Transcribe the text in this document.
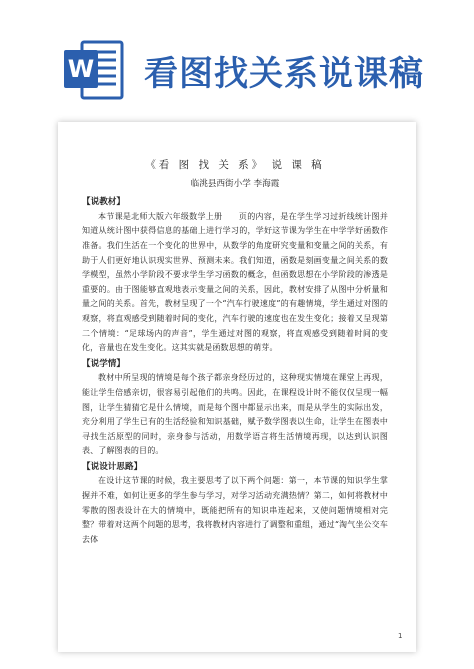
W 看图找关系说课稿
《看 图 找 关 系》 说 课 稿
临洮县西街小学 李海霞
【说教材】

本节课是北师大版六年级数学上册　　页的内容，是在学生学习过折线统计图并知道从统计图中获得信息的基础上进行学习的，学好这节课为学生在中学学好函数作准备。我们生活在一个变化的世界中，从数学的角度研究变量和变量之间的关系，有助于人们更好地认识现实世界、预测未来。我们知道，函数是刻画变量之间关系的数学模型，虽然小学阶段不要求学生学习函数的概念，但函数思想在小学阶段的渗透是重要的。由于图能够直观地表示变量之间的关系，因此，教材安排了从图中分析量和量之间的关系。首先，教材呈现了一个“汽车行驶速度”的有趣情境，学生通过对图的观察，将直观感受到随着时间的变化，汽车行驶的速度也在发生变化；接着又呈现第二个情境：“足球场内的声音”，学生通过对图的观察，将直观感受到随着时间的变化，音量也在发生变化。这其实就是函数思想的萌芽。

【说学情】

教材中所呈现的情境是每个孩子都亲身经历过的，这种现实情境在课堂上再现，能让学生倍感亲切，很容易引起他们的共鸣。因此，在课程设计时不能仅仅呈现一幅图，让学生猜猜它是什么情境，而是每个图中都显示出来，而是从学生的实际出发，充分利用了学生已有的生活经验和知识基础，赋予数学图表以生命，让学生在图表中寻找生活原型的同时，亲身参与活动，用数学语言将生活情境再现，以达到认识图表、了解图表的目的。

【说设计思路】

在设计这节课的时候，我主要思考了以下两个问题：第一，本节课的知识学生掌握并不难，如何让更多的学生参与学习，对学习活动充满热情？第二，如何将教材中零散的图表设计在大的情境中，既能把所有的知识串连起来，又使问题情境相对完整？带着对这两个问题的思考，我将教材内容进行了调整和重组，通过“淘气坐公交车去体

1
